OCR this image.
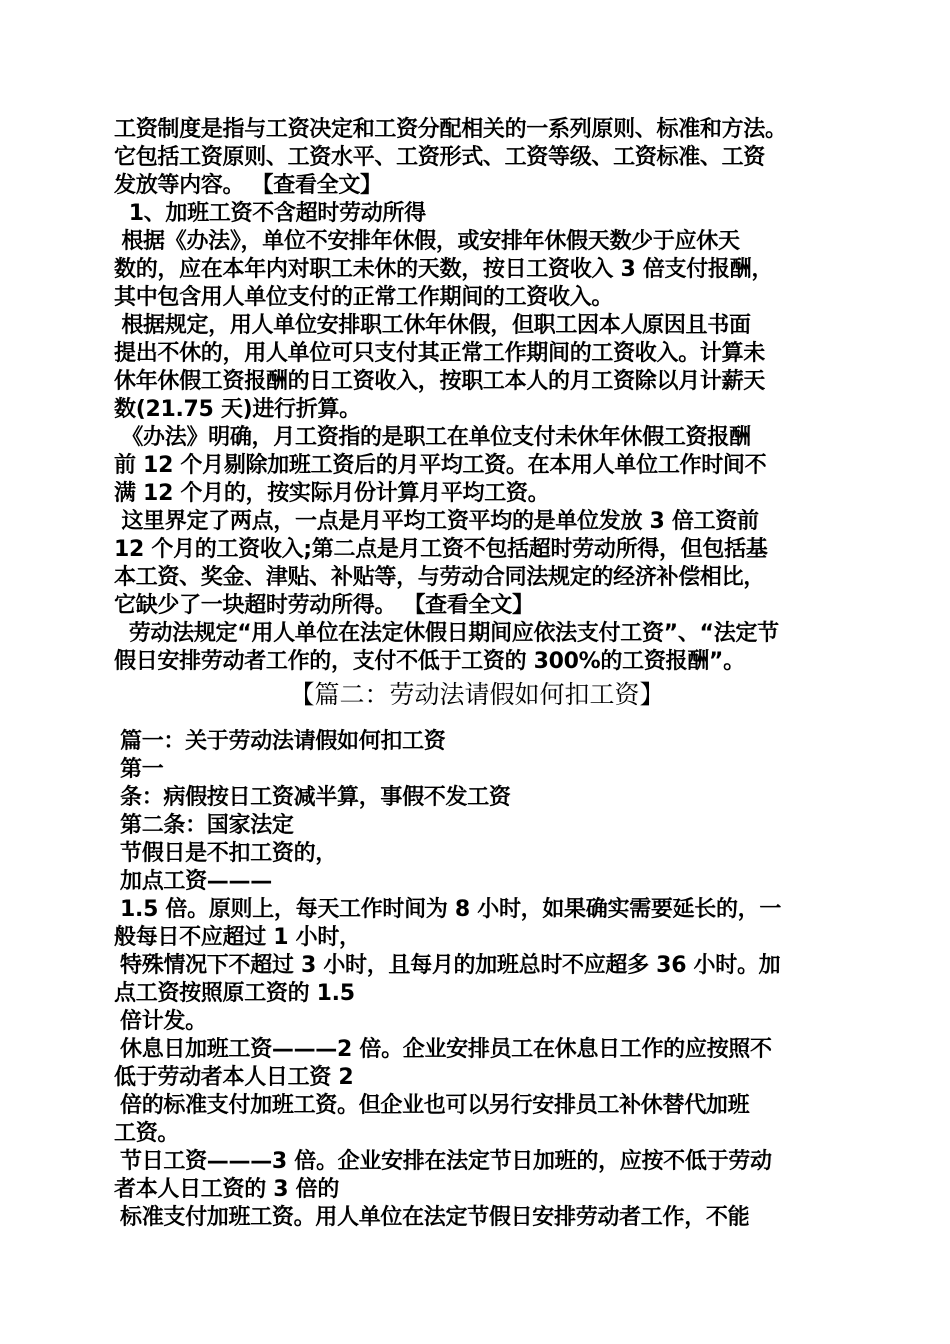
工资制度是指与工资决定和工资分配相关的一系列原则、标准和方法。
它包括工资原则、工资水平、工资形式、工资等级、工资标准、工资
发放等内容。 【查看全文】

1、加班工资不含超时劳动所得

根据《办法》，单位不安排年休假，或安排年休假天数少于应休天
数的，应在本年内对职工未休的天数，按日工资收入 3 倍支付报酬，
其中包含用人单位支付的正常工作期间的工资收入。

根据规定，用人单位安排职工休年休假，但职工因本人原因且书面
提出不休的，用人单位可只支付其正常工作期间的工资收入。计算未
休年休假工资报酬的日工资收入，按职工本人的月工资除以月计薪天
数(21.75 天)进行折算。

《办法》明确，月工资指的是职工在单位支付未休年休假工资报酬
前 12 个月剔除加班工资后的月平均工资。在本用人单位工作时间不
满 12 个月的，按实际月份计算月平均工资。

这里界定了两点，一点是月平均工资平均的是单位发放 3 倍工资前
12 个月的工资收入;第二点是月工资不包括超时劳动所得，但包括基
本工资、奖金、津贴、补贴等，与劳动合同法规定的经济补偿相比，
它缺少了一块超时劳动所得。 【查看全文】

劳动法规定“用人单位在法定休假日期间应依法支付工资”、“法定节
假日安排劳动者工作的，支付不低于工资的 300%的工资报酬”。

【篇二：劳动法请假如何扣工资】

篇一：关于劳动法请假如何扣工资

第一

条：病假按日工资减半算，事假不发工资

第二条：国家法定

节假日是不扣工资的，

加点工资———

1.5 倍。原则上，每天工作时间为 8 小时，如果确实需要延长的，一
般每日不应超过 1 小时，

特殊情况下不超过 3 小时，且每月的加班总时不应超多 36 小时。加
点工资按照原工资的 1.5

倍计发。

休息日加班工资———2 倍。企业安排员工在休息日工作的应按照不
低于劳动者本人日工资 2

倍的标准支付加班工资。但企业也可以另行安排员工补休替代加班
工资。

节日工资———3 倍。企业安排在法定节日加班的，应按不低于劳动
者本人日工资的 3 倍的

标准支付加班工资。用人单位在法定节假日安排劳动者工作，不能
